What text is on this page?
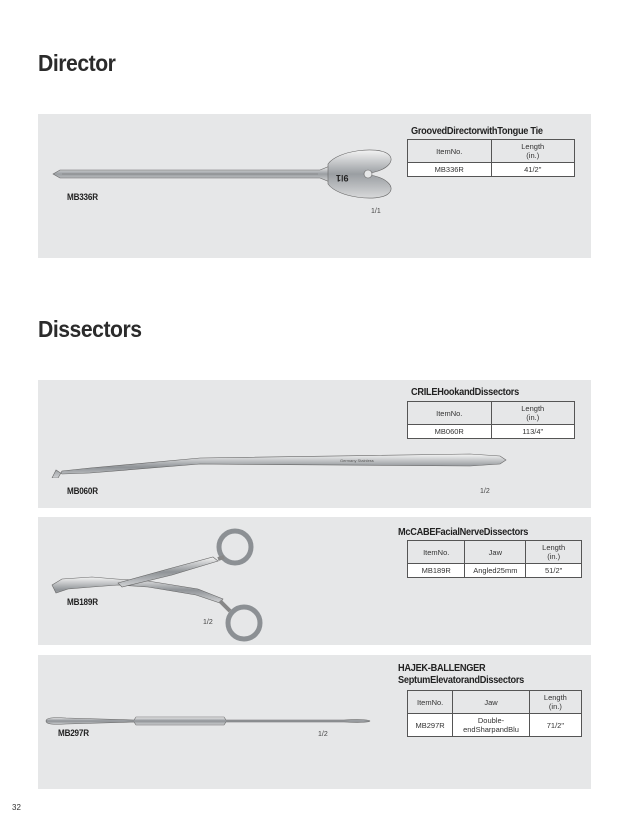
Director
GroovedDirectorwithTongue Tie
ItemNo.	Length
(in.)
MB336R	41/2"
9ǀ1
MB336R
1/1
Dissectors
CRILEHookandDissectors
ItemNo.	Length
(in.)
MB060R	113/4"
Germany Stainless
MB060R	1/2
McCABEFacialNerveDissectors
ItemNo.	Jaw	Length
(in.)
MB189R	Angled25mm	51/2"
MB189R
1/2
HAJEK-BALLENGER
SeptumElevatorandDissectors
ItemNo.	Jaw	Length
(in.)
MB297R	Double-
endSharpandBlu	71/2"
MB297R	1/2
32
